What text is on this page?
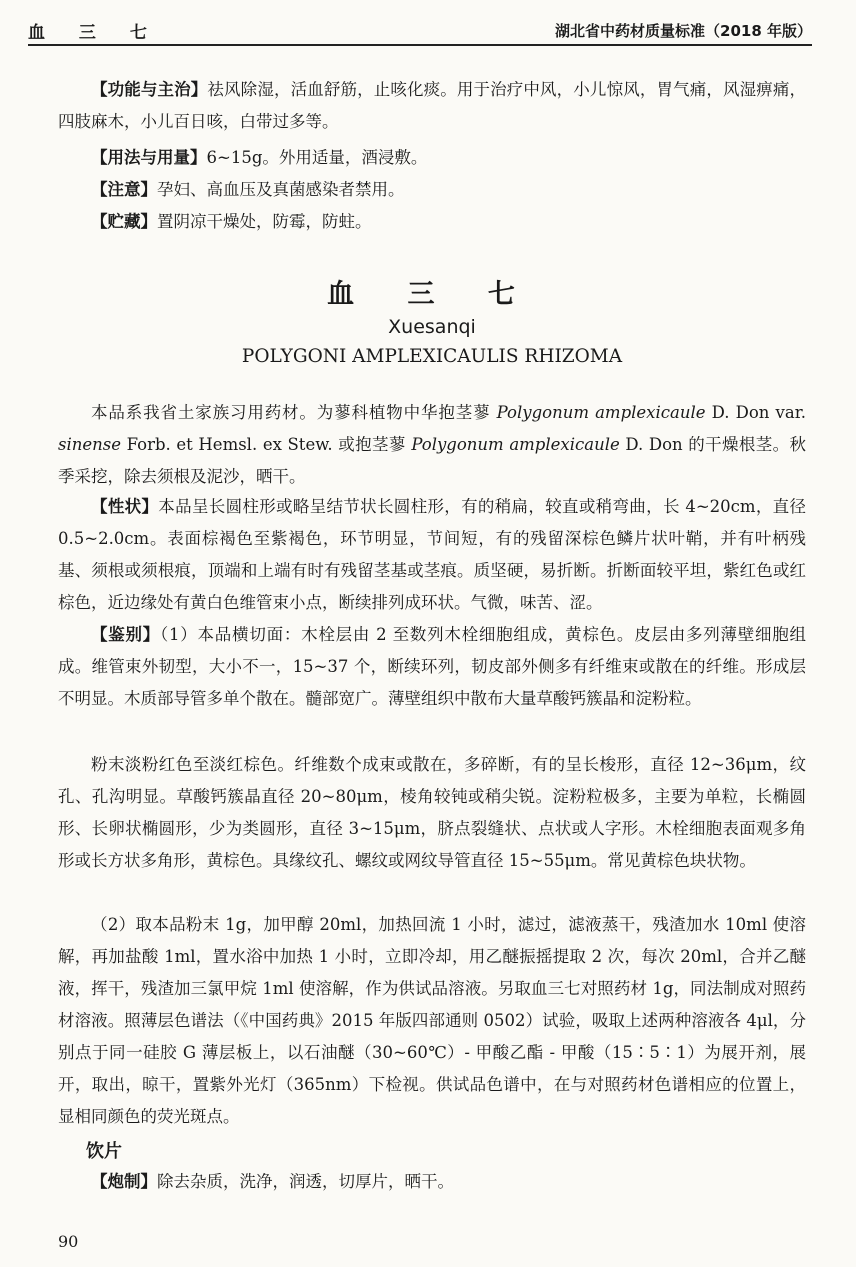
血 三 七	湖北省中药材质量标准（2018 年版）

【功能与主治】祛风除湿，活血舒筋，止咳化痰。用于治疗中风，小儿惊风，胃气痛，风湿痹痛，四肢麻木，小儿百日咳，白带过多等。

【用法与用量】6~15g。外用适量，酒浸敷。

【注意】孕妇、高血压及真菌感染者禁用。

【贮藏】置阴凉干燥处，防霉，防蛀。

血 三 七
Xuesanqi
POLYGONI AMPLEXICAULIS RHIZOMA

本品系我省土家族习用药材。为蓼科植物中华抱茎蓼 Polygonum amplexicaule D. Don var. sinense Forb. et Hemsl. ex Stew. 或抱茎蓼 Polygonum amplexicaule D. Don 的干燥根茎。秋季采挖，除去须根及泥沙，晒干。

【性状】本品呈长圆柱形或略呈结节状长圆柱形，有的稍扁，较直或稍弯曲，长 4~20cm，直径 0.5~2.0cm。表面棕褐色至紫褐色，环节明显，节间短，有的残留深棕色鳞片状叶鞘，并有叶柄残基、须根或须根痕，顶端和上端有时有残留茎基或茎痕。质坚硬，易折断。折断面较平坦，紫红色或红棕色，近边缘处有黄白色维管束小点，断续排列成环状。气微，味苦、涩。

【鉴别】（1）本品横切面：木栓层由 2 至数列木栓细胞组成，黄棕色。皮层由多列薄壁细胞组成。维管束外韧型，大小不一，15~37 个，断续环列，韧皮部外侧多有纤维束或散在的纤维。形成层不明显。木质部导管多单个散在。髓部宽广。薄壁组织中散布大量草酸钙簇晶和淀粉粒。

粉末淡粉红色至淡红棕色。纤维数个成束或散在，多碎断，有的呈长梭形，直径 12~36μm，纹孔、孔沟明显。草酸钙簇晶直径 20~80μm，棱角较钝或稍尖锐。淀粉粒极多，主要为单粒，长椭圆形、长卵状椭圆形，少为类圆形，直径 3~15μm，脐点裂缝状、点状或人字形。木栓细胞表面观多角形或长方状多角形，黄棕色。具缘纹孔、螺纹或网纹导管直径 15~55μm。常见黄棕色块状物。

（2）取本品粉末 1g，加甲醇 20ml，加热回流 1 小时，滤过，滤液蒸干，残渣加水 10ml 使溶解，再加盐酸 1ml，置水浴中加热 1 小时，立即冷却，用乙醚振摇提取 2 次，每次 20ml，合并乙醚液，挥干，残渣加三氯甲烷 1ml 使溶解，作为供试品溶液。另取血三七对照药材 1g，同法制成对照药材溶液。照薄层色谱法（《中国药典》2015 年版四部通则 0502）试验，吸取上述两种溶液各 4μl，分别点于同一硅胶 G 薄层板上，以石油醚（30~60℃）- 甲酸乙酯 - 甲酸（15∶5∶1）为展开剂，展开，取出，晾干，置紫外光灯（365nm）下检视。供试品色谱中，在与对照药材色谱相应的位置上，显相同颜色的荧光斑点。

饮片

【炮制】除去杂质，洗净，润透，切厚片，晒干。

90
